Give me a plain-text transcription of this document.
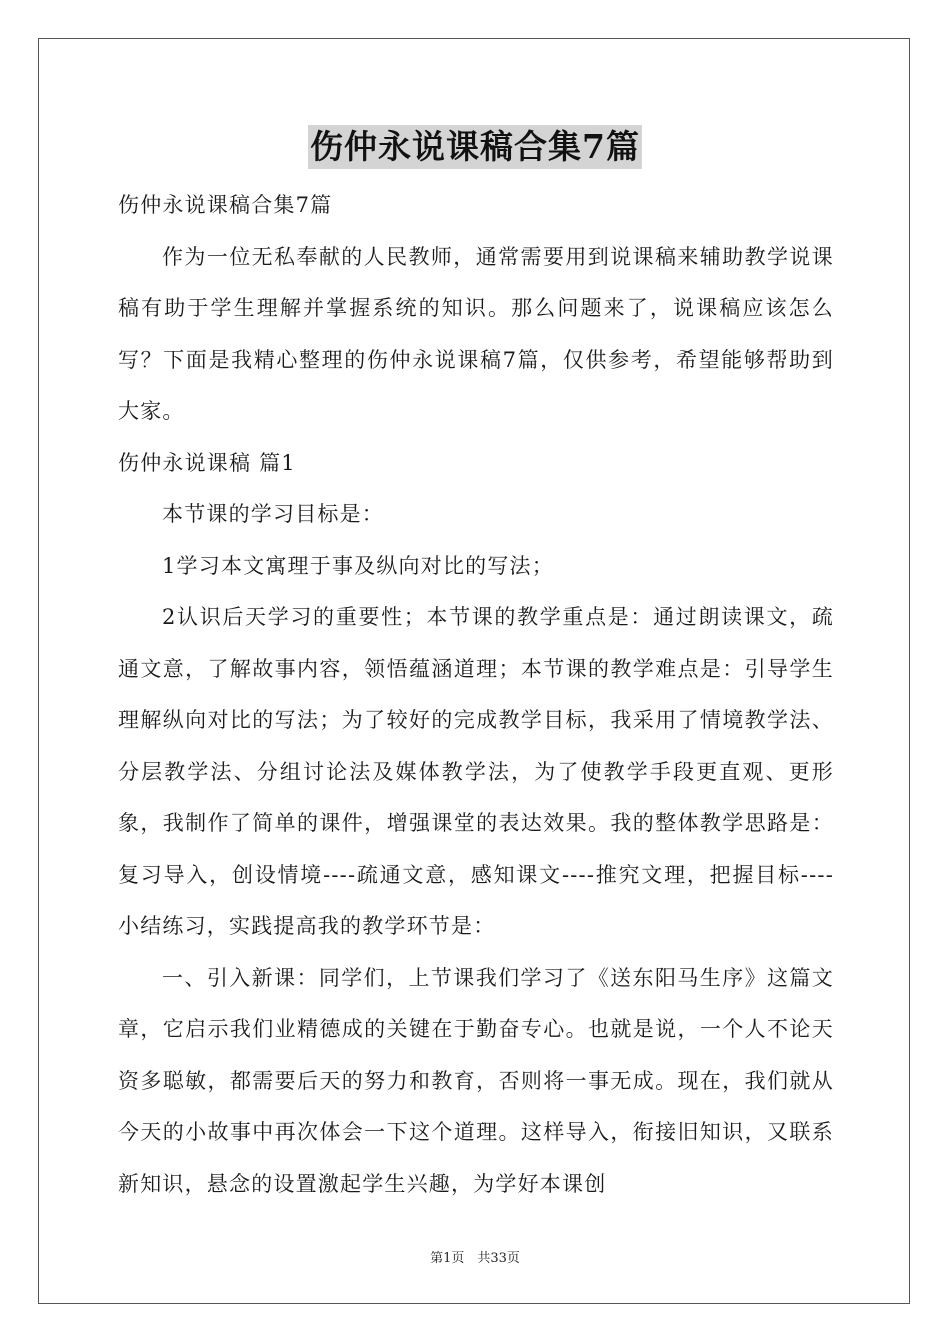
伤仲永说课稿合集7篇

伤仲永说课稿合集7篇

作为一位无私奉献的人民教师，通常需要用到说课稿来辅助教学说课稿有助于学生理解并掌握系统的知识。那么问题来了，说课稿应该怎么写？下面是我精心整理的伤仲永说课稿7篇，仅供参考，希望能够帮助到大家。

伤仲永说课稿 篇1

本节课的学习目标是：

1学习本文寓理于事及纵向对比的写法；

2认识后天学习的重要性；本节课的教学重点是：通过朗读课文，疏通文意，了解故事内容，领悟蕴涵道理；本节课的教学难点是：引导学生理解纵向对比的写法；为了较好的完成教学目标，我采用了情境教学法、分层教学法、分组讨论法及媒体教学法，为了使教学手段更直观、更形象，我制作了简单的课件，增强课堂的表达效果。我的整体教学思路是：复习导入，创设情境----疏通文意，感知课文----推究文理，把握目标----小结练习，实践提高我的教学环节是：

一、引入新课：同学们，上节课我们学习了《送东阳马生序》这篇文章，它启示我们业精德成的关键在于勤奋专心。也就是说，一个人不论天资多聪敏，都需要后天的努力和教育，否则将一事无成。现在，我们就从今天的小故事中再次体会一下这个道理。这样导入，衔接旧知识，又联系新知识，悬念的设置激起学生兴趣，为学好本课创

第1页　共33页
